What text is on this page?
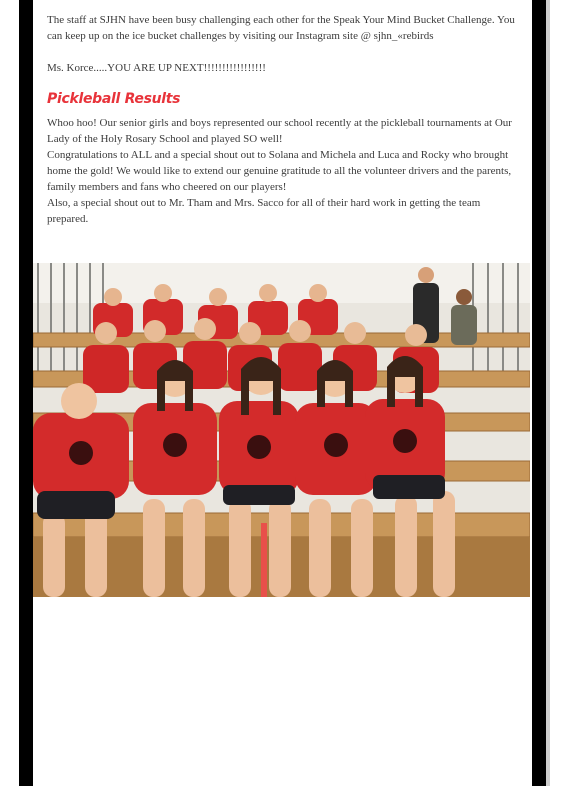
The staff at SJHN have been busy challenging each other for the Speak Your Mind Bucket Challenge. You can keep up on the ice bucket challenges by visiting our Instagram site @ sjhn_«rebirds

Ms. Korce.....YOU ARE UP NEXT!!!!!!!!!!!!!!!!!

Pickleball Results

Whoo hoo! Our senior girls and boys represented our school recently at the pickleball tournaments at Our Lady of the Holy Rosary School and played SO well!

Congratulations to ALL and a special shout out to Solana and Michela and Luca and Rocky who brought home the gold! We would like to extend our genuine gratitude to all the volunteer drivers and the parents, family members and fans who cheered on our players!

Also, a special shout out to Mr. Tham and Mrs. Sacco for all of their hard work in getting the team prepared.
